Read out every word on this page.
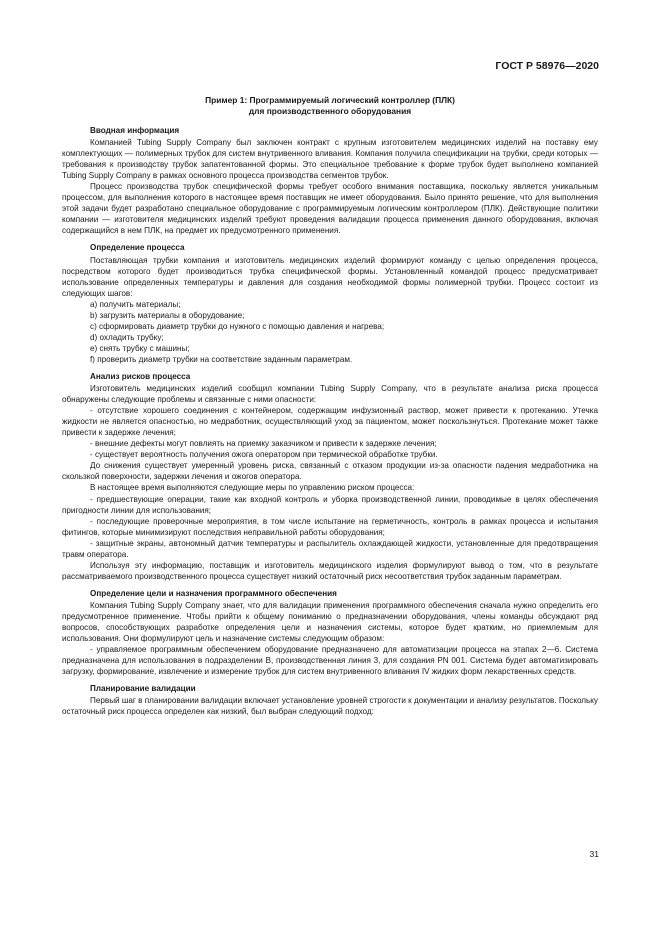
ГОСТ Р 58976—2020
Пример 1: Программируемый логический контроллер (ПЛК)
для производственного оборудования
Вводная информация

Компанией Tubing Supply Company был заключен контракт с крупным изготовителем медицинских изделий на поставку ему комплектующих — полимерных трубок для систем внутривенного вливания. Компания получила спецификации на трубки, среди которых — требования к производству трубок запатентованной формы. Это специальное требование к форме трубок будет выполнено компанией Tubing Supply Company в рамках основного процесса производства сегментов трубок.

Процесс производства трубок специфической формы требует особого внимания поставщика, поскольку является уникальным процессом, для выполнения которого в настоящее время поставщик не имеет оборудования. Было принято решение, что для выполнения этой задачи будет разработано специальное оборудование с программируемым логическим контроллером (ПЛК). Действующие политики компании — изготовителя медицинских изделий требуют проведения валидации процесса применения данного оборудования, включая содержащийся в нем ПЛК, на предмет их предусмотренного применения.

Определение процесса

Поставляющая трубки компания и изготовитель медицинских изделий формируют команду с целью определения процесса, посредством которого будет производиться трубка специфической формы. Установленный командой процесс предусматривает использование определенных температуры и давления для создания необходимой формы полимерной трубки. Процесс состоит из следующих шагов:

a) получить материалы;
b) загрузить материалы в оборудование;
c) сформировать диаметр трубки до нужного с помощью давления и нагрева;
d) охладить трубку;
e) снять трубку с машины;
f) проверить диаметр трубки на соответствие заданным параметрам.
Анализ рисков процесса

Изготовитель медицинских изделий сообщил компании Tubing Supply Company, что в результате анализа риска процесса обнаружены следующие проблемы и связанные с ними опасности:

- отсутствие хорошего соединения с контейнером, содержащим инфузионный раствор, может привести к протеканию. Утечка жидкости не является опасностью, но медработник, осуществляющий уход за пациентом, может поскользнуться. Протекание может также привести к задержке лечения;

- внешние дефекты могут повлиять на приемку заказчиком и привести к задержке лечения;

- существует вероятность получения ожога оператором при термической обработке трубки.

До снижения существует умеренный уровень риска, связанный с отказом продукции из-за опасности падения медработника на скользкой поверхности, задержки лечения и ожогов оператора.

В настоящее время выполняются следующие меры по управлению риском процесса:

- предшествующие операции, такие как входной контроль и уборка производственной линии, проводимые в целях обеспечения пригодности линии для использования;

- последующие проверочные мероприятия, в том числе испытание на герметичность, контроль в рамках процесса и испытания фитингов, которые минимизируют последствия неправильной работы оборудования;

- защитные экраны, автономный датчик температуры и распылитель охлаждающей жидкости, установленные для предотвращения травм оператора.

Используя эту информацию, поставщик и изготовитель медицинского изделия формулируют вывод о том, что в результате рассматриваемого производственного процесса существует низкий остаточный риск несоответствия трубок заданным параметрам.

Определение цели и назначения программного обеспечения

Компания Tubing Supply Company знает, что для валидации применения программного обеспечения сначала нужно определить его предусмотренное применение. Чтобы прийти к общему пониманию о предназначении оборудования, члены команды обсуждают ряд вопросов, способствующих разработке определения цели и назначения системы, которое будет кратким, но приемлемым для использования. Они формулируют цель и назначение системы следующим образом:

- управляемое программным обеспечением оборудование предназначено для автоматизации процесса на этапах 2—6. Система предназначена для использования в подразделении В, производственная линия 3, для создания PN 001. Система будет автоматизировать загрузку, формирование, извлечение и измерение трубок для систем внутривенного вливания IV жидких форм лекарственных средств.

Планирование валидации

Первый шаг в планировании валидации включает установление уровней строгости к документации и анализу результатов. Поскольку остаточный риск процесса определен как низкий, был выбран следующий подход:

31
